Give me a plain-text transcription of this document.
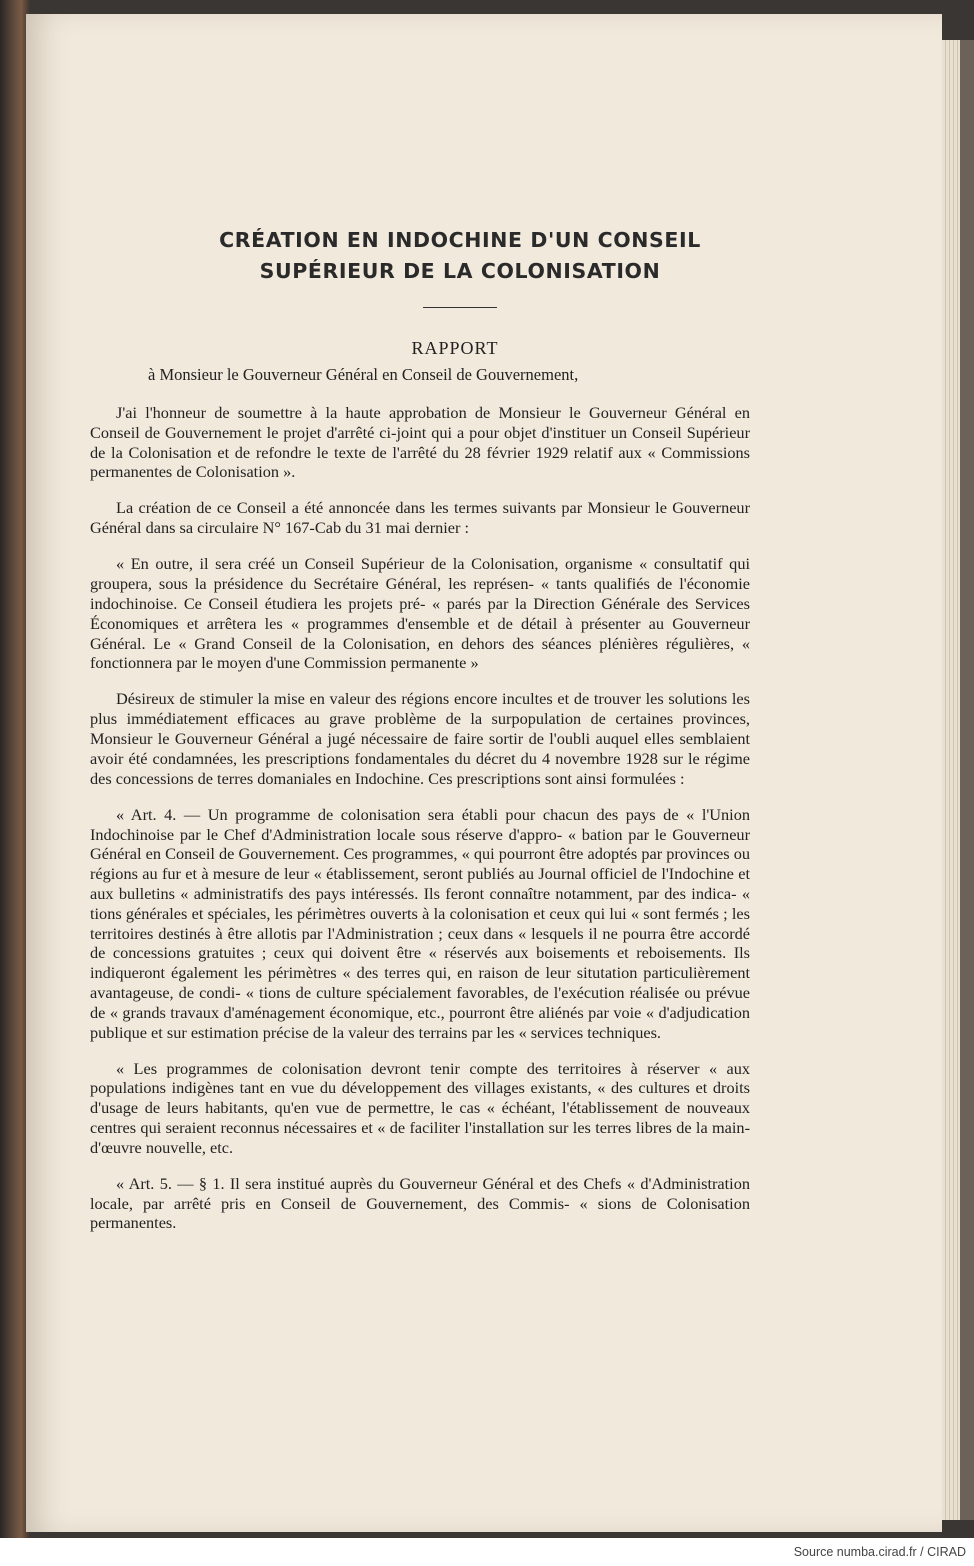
CRÉATION EN INDOCHINE D'UN CONSEIL
SUPÉRIEUR DE LA COLONISATION
RAPPORT
à Monsieur le Gouverneur Général en Conseil de Gouvernement,

J'ai l'honneur de soumettre à la haute approbation de Monsieur le Gouverneur Général en Conseil de Gouvernement le projet d'arrêté ci-joint qui a pour objet d'instituer un Conseil Supérieur de la Colonisation et de refondre le texte de l'arrêté du 28 février 1929 relatif aux « Commissions permanentes de Colonisation ».

La création de ce Conseil a été annoncée dans les termes suivants par Monsieur le Gouverneur Général dans sa circulaire N° 167-Cab du 31 mai dernier :

« En outre, il sera créé un Conseil Supérieur de la Colonisation, organisme « consultatif qui groupera, sous la présidence du Secrétaire Général, les représen- « tants qualifiés de l'économie indochinoise. Ce Conseil étudiera les projets pré- « parés par la Direction Générale des Services Économiques et arrêtera les « programmes d'ensemble et de détail à présenter au Gouverneur Général. Le « Grand Conseil de la Colonisation, en dehors des séances plénières régulières, « fonctionnera par le moyen d'une Commission permanente »

Désireux de stimuler la mise en valeur des régions encore incultes et de trouver les solutions les plus immédiatement efficaces au grave problème de la surpopulation de certaines provinces, Monsieur le Gouverneur Général a jugé nécessaire de faire sortir de l'oubli auquel elles semblaient avoir été condamnées, les prescriptions fondamentales du décret du 4 novembre 1928 sur le régime des concessions de terres domaniales en Indochine. Ces prescriptions sont ainsi formulées :

« Art. 4. — Un programme de colonisation sera établi pour chacun des pays de « l'Union Indochinoise par le Chef d'Administration locale sous réserve d'appro- « bation par le Gouverneur Général en Conseil de Gouvernement. Ces programmes, « qui pourront être adoptés par provinces ou régions au fur et à mesure de leur « établissement, seront publiés au Journal officiel de l'Indochine et aux bulletins « administratifs des pays intéressés. Ils feront connaître notamment, par des indica- « tions générales et spéciales, les périmètres ouverts à la colonisation et ceux qui lui « sont fermés ; les territoires destinés à être allotis par l'Administration ; ceux dans « lesquels il ne pourra être accordé de concessions gratuites ; ceux qui doivent être « réservés aux boisements et reboisements. Ils indiqueront également les périmètres « des terres qui, en raison de leur situtation particulièrement avantageuse, de condi- « tions de culture spécialement favorables, de l'exécution réalisée ou prévue de « grands travaux d'aménagement économique, etc., pourront être aliénés par voie « d'adjudication publique et sur estimation précise de la valeur des terrains par les « services techniques.

« Les programmes de colonisation devront tenir compte des territoires à réserver « aux populations indigènes tant en vue du développement des villages existants, « des cultures et droits d'usage de leurs habitants, qu'en vue de permettre, le cas « échéant, l'établissement de nouveaux centres qui seraient reconnus nécessaires et « de faciliter l'installation sur les terres libres de la main-d'œuvre nouvelle, etc.

« Art. 5. — § 1. Il sera institué auprès du Gouverneur Général et des Chefs « d'Administration locale, par arrêté pris en Conseil de Gouvernement, des Commis- « sions de Colonisation permanentes.

Source numba.cirad.fr / CIRAD
